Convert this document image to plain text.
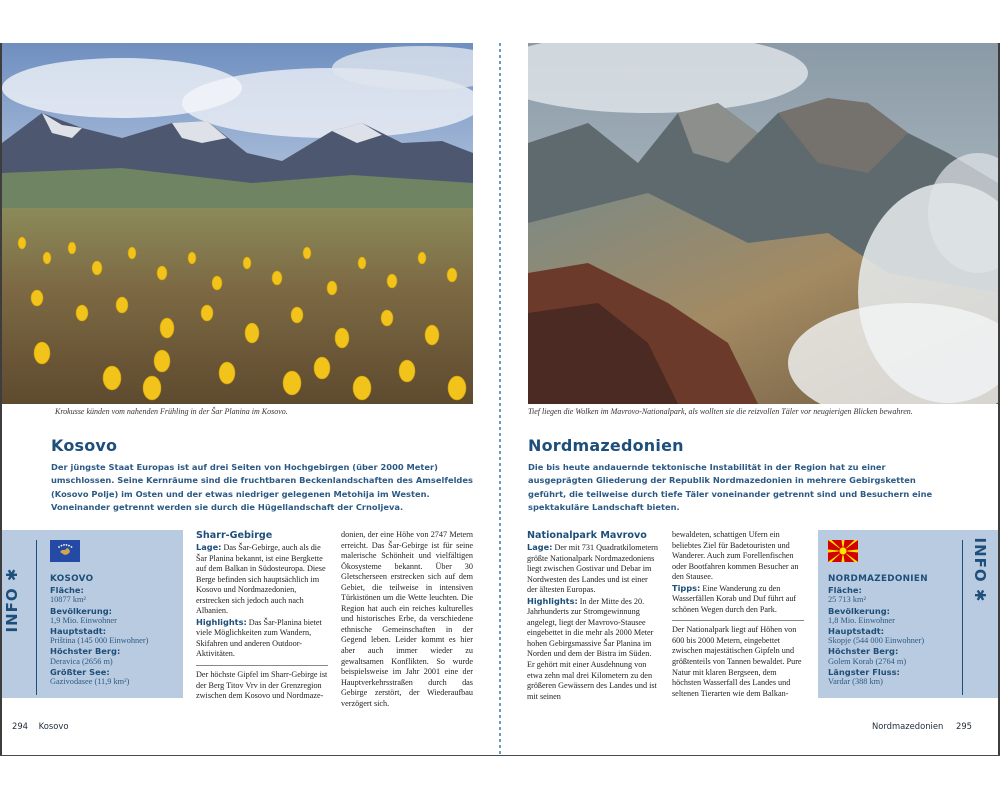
Krokusse künden vom nahenden Frühling in der Šar Planina im Kosovo.	Tief liegen die Wolken im Mavrovo-Nationalpark, als wollten sie die reizvollen Täler vor neugierigen Blicken bewahren.
Kosovo	Nordmazedonien

Der jüngste Staat Europas ist auf drei Seiten von Hochgebirgen (über 2000 Meter) umschlossen. Seine Kernräume sind die fruchtbaren Beckenlandschaften des Amselfeldes (Kosovo Polje) im Osten und der etwas niedriger gelegenen Metohija im Westen. Voneinander getrennt werden sie durch die Hügellandschaft der Crnoljeva.

Die bis heute andauernde tektonische Instabilität in der Region hat zu einer ausgeprägten Gliederung der Republik Nordmazedonien in mehrere Gebirgsketten geführt, die teilweise durch tiefe Täler voneinander getrennt sind und Besuchern eine spektakuläre Landschaft bieten.

INFO ✱	KOSOVO
Fläche:
10877 km²
Bevölkerung:
1,9 Mio. Einwohner
Hauptstadt:
Priština (145 000 Einwohner)
Höchster Berg:
Deravica (2656 m)
Größter See:
Gazivodasee (11,9 km²)
Sharr-Gebirge

Lage: Das Šar-Gebirge, auch als die Šar Planina bekannt, ist eine Bergkette auf dem Balkan in Südosteuropa. Diese Berge befinden sich hauptsächlich im Kosovo und Nordmazedonien, erstrecken sich jedoch auch nach Albanien.

Highlights: Das Šar-Planina bietet viele Möglichkeiten zum Wandern, Skifahren und anderen Outdoor-Aktivitäten.

Der höchste Gipfel im Sharr-Gebirge ist der Berg Titov Vrv in der Grenzregion zwischen dem Kosovo und Nordmaze-

donien, der eine Höhe von 2747 Metern erreicht. Das Šar-Gebirge ist für seine malerische Schönheit und vielfältigen Ökosysteme bekannt. Über 30 Gletscherseen erstrecken sich auf dem Gebiet, die teilweise in intensiven Türkistönen um die Wette leuchten. Die Region hat auch ein reiches kulturelles und historisches Erbe, da verschiedene ethnische Gemeinschaften in der Gegend leben. Leider kommt es hier aber auch immer wieder zu gewaltsamen Konflikten. So wurde beispielsweise im Jahr 2001 eine der Hauptverkehrsstraßen durch das Gebirge zerstört, der Wiederaufbau verzögert sich.

Nationalpark Mavrovo

Lage: Der mit 731 Quadratkilometern größte Nationalpark Nordmazedoniens liegt zwischen Gostivar und Debar im Nordwesten des Landes und ist einer der ältesten Europas.

Highlights: In der Mitte des 20. Jahrhunderts zur Stromgewinnung angelegt, liegt der Mavrovo-Stausee eingebettet in die mehr als 2000 Meter hohen Gebirgsmassive Šar Planina im Norden und dem der Bistra im Süden. Er gehört mit einer Ausdehnung von etwa zehn mal drei Kilometern zu den größeren Gewässern des Landes und ist mit seinen

bewaldeten, schattigen Ufern ein beliebtes Ziel für Badetouristen und Wanderer. Auch zum Forellenfischen oder Bootfahren kommen Besucher an den Stausee.

Tipps: Eine Wanderung zu den Wasserfällen Korab und Duf führt auf schönen Wegen durch den Park.

Der Nationalpark liegt auf Höhen von 600 bis 2000 Metern, eingebettet zwischen majestätischen Gipfeln und größtenteils von Tannen bewaldet. Pure Natur mit klaren Bergseen, dem höchsten Wasserfall des Landes und seltenen Tierarten wie dem Balkan-

INFO ✱
NORDMAZEDONIEN
Fläche:
25 713 km²
Bevölkerung:
1,8 Mio. Einwohner
Hauptstadt:
Skopje (544 000 Einwohner)
Höchster Berg:
Golem Korab (2764 m)
Längster Fluss:
Vardar (388 km)
294 Kosovo	Nordmazedonien 295
